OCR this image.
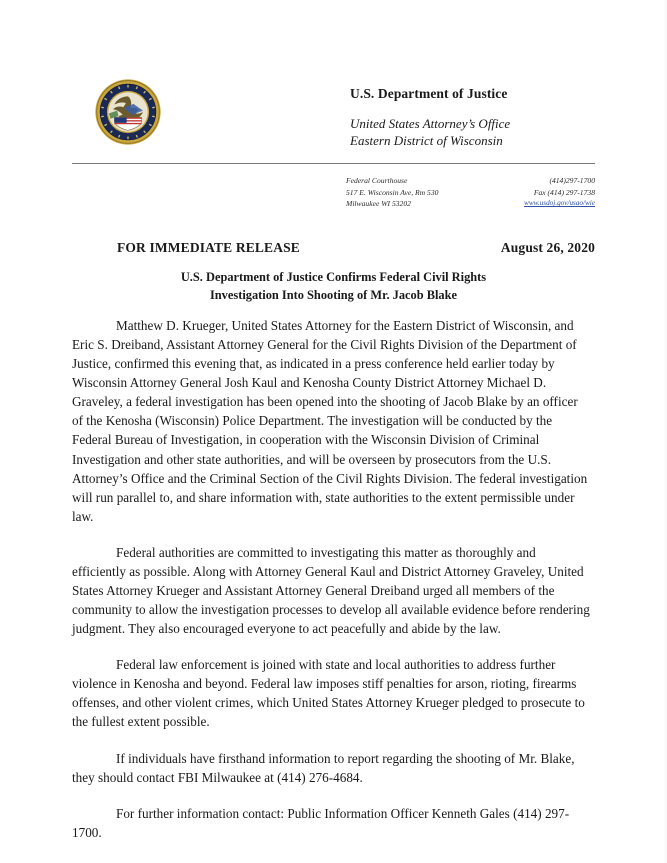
U.S. Department of Justice
United States Attorney’s Office
Eastern District of Wisconsin
Federal Courthouse	(414)297-1700
517 E. Wisconsin Ave, Rm 530	Fax (414) 297-1738
Milwaukee WI 53202	www.usdoj.gov/usao/wie
FOR IMMEDIATE RELEASE	August 26, 2020
U.S. Department of Justice Confirms Federal Civil Rights
Investigation Into Shooting of Mr. Jacob Blake

Matthew D. Krueger, United States Attorney for the Eastern District of Wisconsin, and Eric S. Dreiband, Assistant Attorney General for the Civil Rights Division of the Department of Justice, confirmed this evening that, as indicated in a press conference held earlier today by Wisconsin Attorney General Josh Kaul and Kenosha County District Attorney Michael D. Graveley, a federal investigation has been opened into the shooting of Jacob Blake by an officer of the Kenosha (Wisconsin) Police Department. The investigation will be conducted by the Federal Bureau of Investigation, in cooperation with the Wisconsin Division of Criminal Investigation and other state authorities, and will be overseen by prosecutors from the U.S. Attorney’s Office and the Criminal Section of the Civil Rights Division. The federal investigation will run parallel to, and share information with, state authorities to the extent permissible under law.

Federal authorities are committed to investigating this matter as thoroughly and efficiently as possible. Along with Attorney General Kaul and District Attorney Graveley, United States Attorney Krueger and Assistant Attorney General Dreiband urged all members of the community to allow the investigation processes to develop all available evidence before rendering judgment. They also encouraged everyone to act peacefully and abide by the law.

Federal law enforcement is joined with state and local authorities to address further violence in Kenosha and beyond. Federal law imposes stiff penalties for arson, rioting, firearms offenses, and other violent crimes, which United States Attorney Krueger pledged to prosecute to the fullest extent possible.

If individuals have firsthand information to report regarding the shooting of Mr. Blake, they should contact FBI Milwaukee at (414) 276-4684.

For further information contact: Public Information Officer Kenneth Gales (414) 297-1700.
